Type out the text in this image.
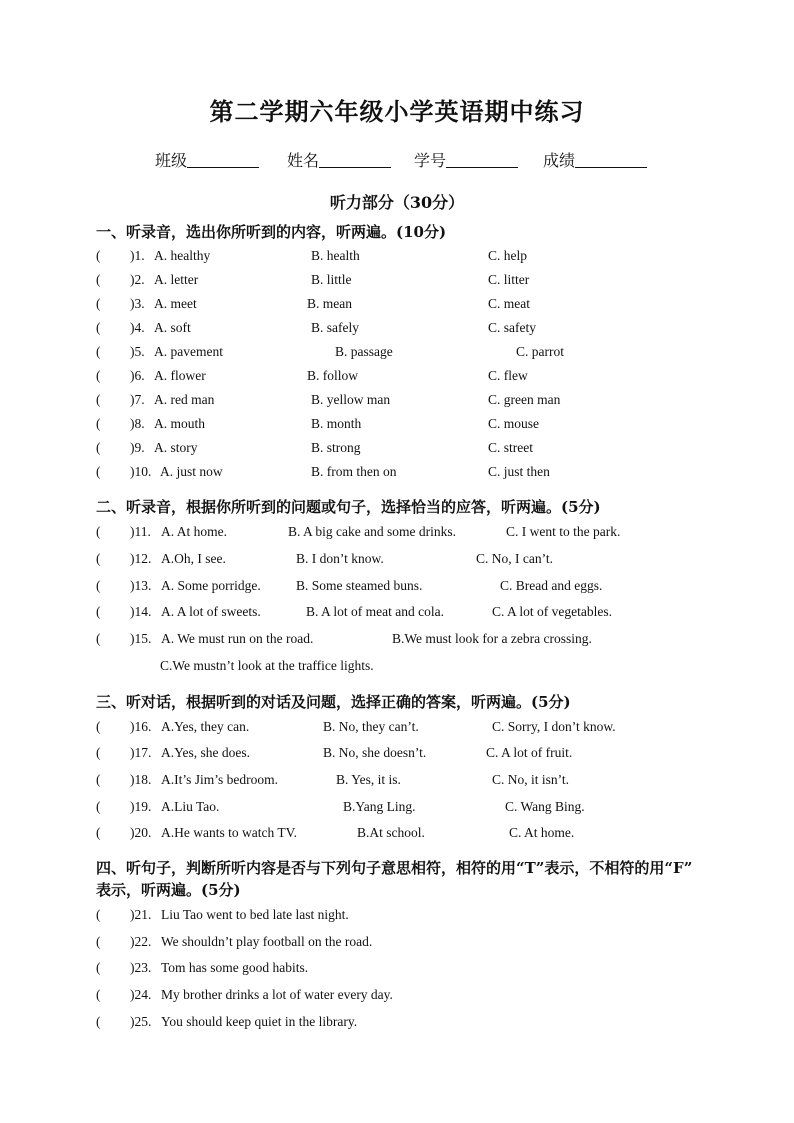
第二学期六年级小学英语期中练习
班级	姓名	学号	成绩
听力部分（30分）
一、听录音，选出你所听到的内容，听两遍。(10分)
( )1. A. healthy	B. health	C. help
( )2. A. letter	B. little	C. litter
( )3. A. meet	B. mean	C. meat
( )4. A. soft	B. safely	C. safety
( )5. A. pavement	B. passage	C. parrot
( )6. A. flower	B. follow	C. flew
( )7. A. red man	B. yellow man	C. green man
( )8. A. mouth	B. month	C. mouse
( )9. A. story	B. strong	C. street
( )10. A. just now	B. from then on	C. just then
二、听录音，根据你所听到的问题或句子，选择恰当的应答，听两遍。(5分)
( )11. A. At home.	B. A big cake and some drinks.	C. I went to the park.
( )12. A.Oh, I see.	B. I don’t know.	C. No, I can’t.
( )13. A. Some porridge.	B. Some steamed buns.	C. Bread and eggs.
( )14. A. A lot of sweets.	B. A lot of meat and cola.	C. A lot of vegetables.
( )15. A. We must run on the road.	B.We must look for a zebra crossing.
C.We mustn’t look at the traffice lights.
三、听对话，根据听到的对话及问题，选择正确的答案，听两遍。(5分)
( )16. A.Yes, they can.	B. No, they can’t.	C. Sorry, I don’t know.
( )17. A.Yes, she does.	B. No, she doesn’t.	C. A lot of fruit.
( )18. A.It’s Jim’s bedroom.	B. Yes, it is.	C. No, it isn’t.
( )19. A.Liu Tao.	B.Yang Ling.	C. Wang Bing.
( )20. A.He wants to watch TV.	B.At school.	C. At home.
四、听句子，判断所听内容是否与下列句子意思相符，相符的用“T”表示，不相符的用“F”
表示，听两遍。(5分)
( )21. Liu Tao went to bed late last night.
( )22. We shouldn’t play football on the road.
( )23. Tom has some good habits.
( )24. My brother drinks a lot of water every day.
( )25. You should keep quiet in the library.
